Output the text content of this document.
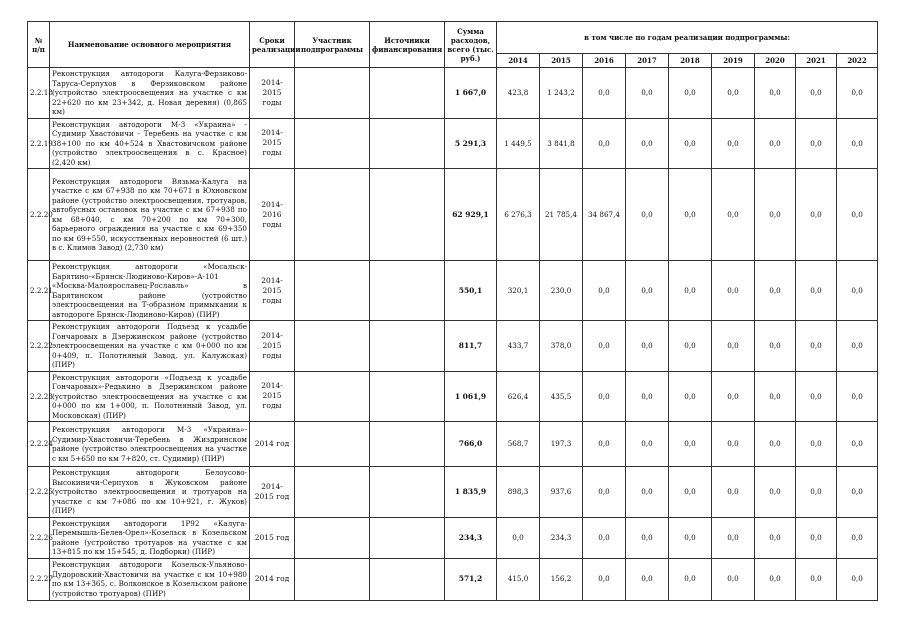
№ п/п	Наименование основного мероприятия	Сроки реализации	Участник подпрограммы	Источники финансирования	Сумма расходов, всего (тыс. руб.)	в том числе по годам реализации подпрограммы:								
						2014	2015	2016	2017	2018	2019	2020	2021	2022
2.2.18	Реконструкция автодороги Калуга-Ферзиково-Таруса-Серпухов в Ферзиковском районе (устройство электроосвещения на участке с км 22+620 по км 23+342, д. Новая деревня) (0,865 км)	2014-2015 годы			1 667,0	423,8	1 243,2	0,0	0,0	0,0	0,0	0,0	0,0	0,0
2.2.19	Реконструкция автодороги М-3 «Украина» - Судимир Хвастовичи - Теребень на участке с км 38+100 по км 40+524 в Хвастовичском районе (устройство электроосвещения в с. Красное) (2,420 км)	2014-2015 годы			5 291,3	1 449,5	3 841,8	0,0	0,0	0,0	0,0	0,0	0,0	0,0
2.2.20	Реконструкция автодороги Вязьма-Калуга на участке с км 67+938 по км 70+671 в Юхновском районе (устройство электроосвещения, тротуаров, автобусных остановок на участке с км 67+938 по км 68+040, с км 70+200 по км 70+300, барьерного ограждения на участке с км 69+350 по км 69+550, искусственных неровностей (6 шт.) в с. Климов Завод) (2,730 км)	2014-2016 годы			62 929,1	6 276,3	21 785,4	34 867,4	0,0	0,0	0,0	0,0	0,0	0,0
2.2.21	Реконструкция автодороги «Мосальск-Барятино-«Брянск-Людиново-Киров»-А-101 «Москва-Малоярославец-Рославль» в Барятинском районе (устройство электроосвещения на Т-образном примыкании к автодороге Брянск-Людиново-Киров) (ПИР)	2014-2015 годы			550,1	320,1	230,0	0,0	0,0	0,0	0,0	0,0	0,0	0,0
2.2.22	Реконструкция автодороги Подъезд к усадьбе Гончаровых в Дзержинском районе (устройство электроосвещения на участке с км 0+000 по км 0+409, п. Полотняный Завод, ул. Калужская) (ПИР)	2014-2015 годы			811,7	433,7	378,0	0,0	0,0	0,0	0,0	0,0	0,0	0,0
2.2.23	Реконструкция автодороги «Подъезд к усадьбе Гончаровых»-Редькино в Дзержинском районе (устройство электроосвещения на участке с км 0+000 по км 1+000, п. Полотняный Завод, ул. Московская) (ПИР)	2014-2015 годы			1 061,9	626,4	435,5	0,0	0,0	0,0	0,0	0,0	0,0	0,0
2.2.24	Реконструкция автодороги М-3 «Украина»-Судимир-Хвастовичи-Теребень в Жиздринском районе (устройство электроосвещения на участке с км 5+650 по км 7+820, ст. Судимир) (ПИР)	2014 год			766,0	568,7	197,3	0,0	0,0	0,0	0,0	0,0	0,0	0,0
2.2.25	Реконструкция автодороги Белоусово-Высокиничи-Серпухов в Жуковском районе (устройство электроосвещения и тротуаров на участке с км 7+086 по км 10+921, г. Жуков) (ПИР)	2014-2015 год			1 835,9	898,3	937,6	0,0	0,0	0,0	0,0	0,0	0,0	0,0
2.2.26	Реконструкция автодороги 1Р92 «Калуга-Перемышль-Белев-Орел»-Козельск в Козельском районе (устройство тротуаров на участке с км 13+815 по км 15+545, д. Подборки) (ПИР)	2015 год			234,3	0,0	234,3	0,0	0,0	0,0	0,0	0,0	0,0	0,0
2.2.27	Реконструкция автодороги Козельск-Ульяново-Дудоровский-Хвастовичи на участке с км 10+980 по км 13+365, с. Волконское в Козельском районе (устройство тротуаров) (ПИР)	2014 год			571,2	415,0	156,2	0,0	0,0	0,0	0,0	0,0	0,0	0,0
